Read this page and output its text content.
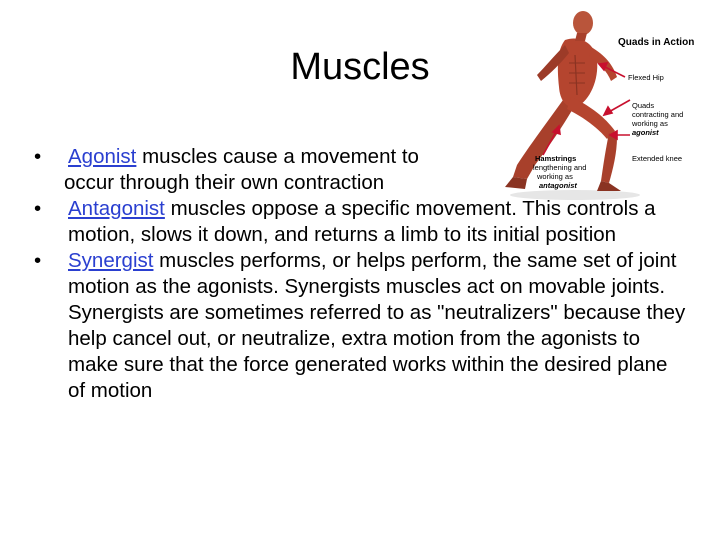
Muscles
Quads in Action
Flexed Hip
Quads
contracting and
working as
agonist
Extended knee
Hamstrings
lengthening and
working as
antagonist
• Agonist muscles cause a movement to
occur through their own contraction
• Antagonist muscles oppose a specific movement. This controls a motion, slows it down, and returns a limb to its initial position
• Synergist muscles performs, or helps perform, the same set of joint motion as the agonists. Synergists muscles act on movable joints. Synergists are sometimes referred to as "neutralizers" because they help cancel out, or neutralize, extra motion from the agonists to make sure that the force generated works within the desired plane of motion
